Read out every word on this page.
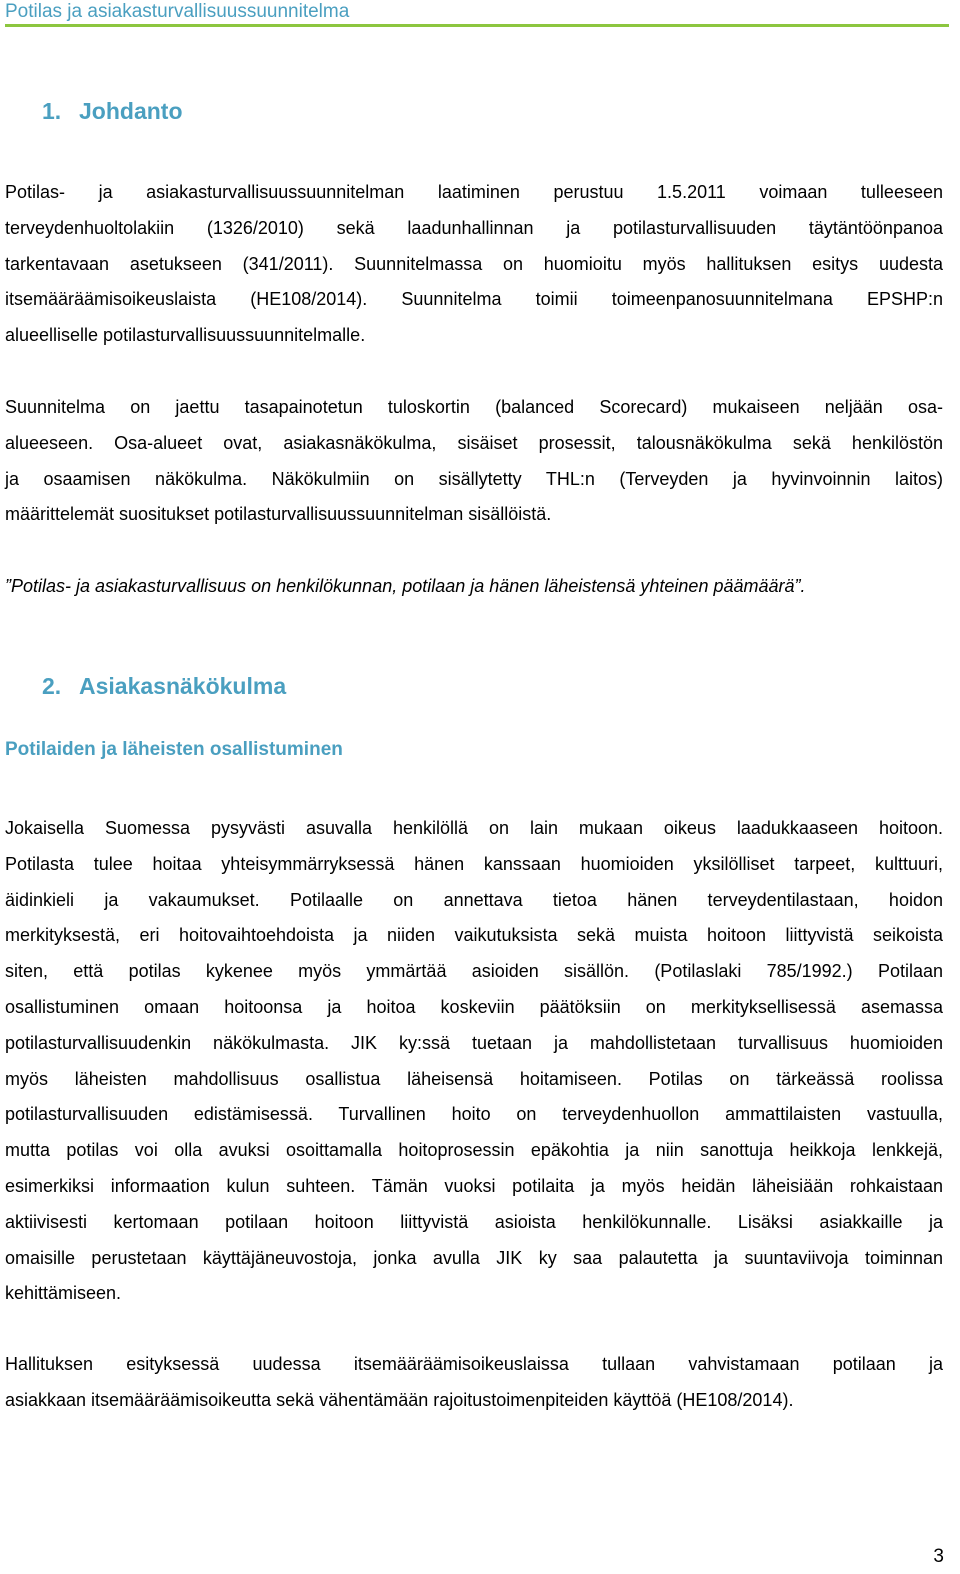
Potilas ja asiakasturvallisuussuunnitelma
1. Johdanto
Potilas- ja asiakasturvallisuussuunnitelman laatiminen perustuu 1.5.2011 voimaan tulleeseen
terveydenhuoltolakiin (1326/2010) sekä laadunhallinnan ja potilasturvallisuuden täytäntöönpanoa
tarkentavaan asetukseen (341/2011). Suunnitelmassa on huomioitu myös hallituksen esitys uudesta
itsemääräämisoikeuslaista (HE108/2014). Suunnitelma toimii toimeenpanosuunnitelmana EPSHP:n
alueelliselle potilasturvallisuussuunnitelmalle.
Suunnitelma on jaettu tasapainotetun tuloskortin (balanced Scorecard) mukaiseen neljään osa-
alueeseen. Osa-alueet ovat, asiakasnäkökulma, sisäiset prosessit, talousnäkökulma sekä henkilöstön
ja osaamisen näkökulma. Näkökulmiin on sisällytetty THL:n (Terveyden ja hyvinvoinnin laitos)
määrittelemät suositukset potilasturvallisuussuunnitelman sisällöistä.
”Potilas- ja asiakasturvallisuus on henkilökunnan, potilaan ja hänen läheistensä yhteinen päämäärä”.
2. Asiakasnäkökulma
Potilaiden ja läheisten osallistuminen
Jokaisella Suomessa pysyvästi asuvalla henkilöllä on lain mukaan oikeus laadukkaaseen hoitoon.
Potilasta tulee hoitaa yhteisymmärryksessä hänen kanssaan huomioiden yksilölliset tarpeet, kulttuuri,
äidinkieli ja vakaumukset. Potilaalle on annettava tietoa hänen terveydentilastaan, hoidon
merkityksestä, eri hoitovaihtoehdoista ja niiden vaikutuksista sekä muista hoitoon liittyvistä seikoista
siten, että potilas kykenee myös ymmärtää asioiden sisällön. (Potilaslaki 785/1992.) Potilaan
osallistuminen omaan hoitoonsa ja hoitoa koskeviin päätöksiin on merkityksellisessä asemassa
potilasturvallisuudenkin näkökulmasta. JIK ky:ssä tuetaan ja mahdollistetaan turvallisuus huomioiden
myös läheisten mahdollisuus osallistua läheisensä hoitamiseen. Potilas on tärkeässä roolissa
potilasturvallisuuden edistämisessä. Turvallinen hoito on terveydenhuollon ammattilaisten vastuulla,
mutta potilas voi olla avuksi osoittamalla hoitoprosessin epäkohtia ja niin sanottuja heikkoja lenkkejä,
esimerkiksi informaation kulun suhteen. Tämän vuoksi potilaita ja myös heidän läheisiään rohkaistaan
aktiivisesti kertomaan potilaan hoitoon liittyvistä asioista henkilökunnalle. Lisäksi asiakkaille ja
omaisille perustetaan käyttäjäneuvostoja, jonka avulla JIK ky saa palautetta ja suuntaviivoja toiminnan
kehittämiseen.
Hallituksen esityksessä uudessa itsemääräämisoikeuslaissa tullaan vahvistamaan potilaan ja
asiakkaan itsemääräämisoikeutta sekä vähentämään rajoitustoimenpiteiden käyttöä (HE108/2014).
3
